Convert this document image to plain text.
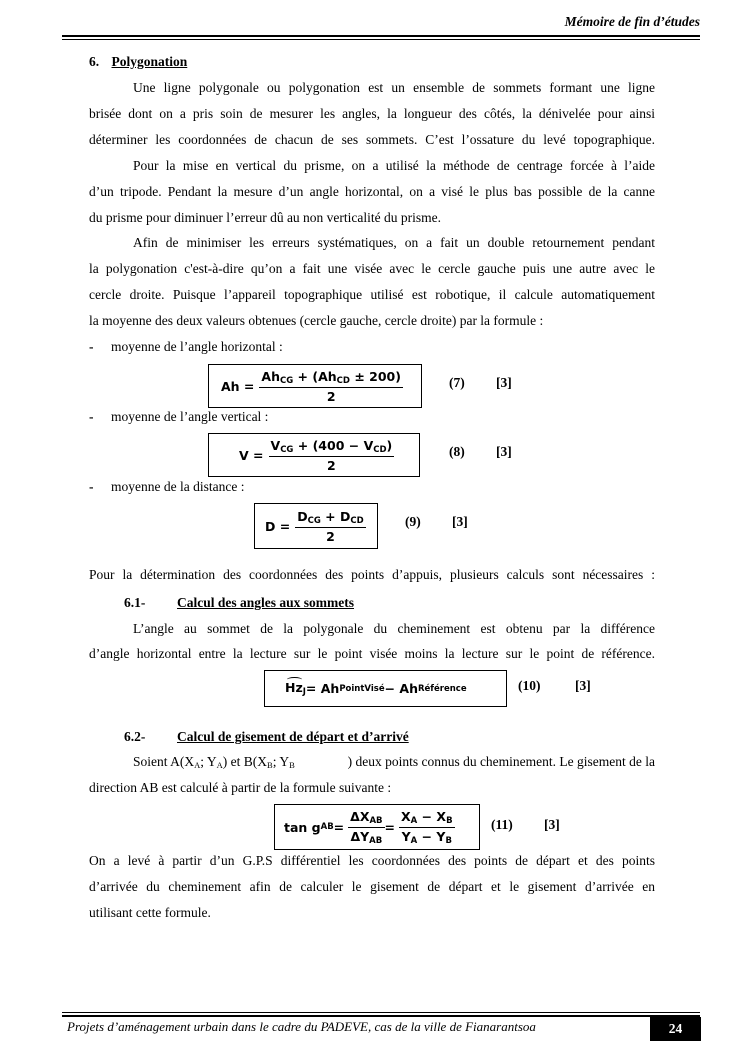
Mémoire de fin d’études
6. Polygonation
Une ligne polygonale ou polygonation est un ensemble de sommets formant une ligne
brisée dont on a pris soin de mesurer les angles, la longueur des côtés, la dénivelée pour ainsi
déterminer les coordonnées de chacun de ses sommets. C’est l’ossature du levé topographique.
Pour la mise en vertical du prisme, on a utilisé la méthode de centrage forcée à l’aide
d’un tripode. Pendant la mesure d’un angle horizontal, on a visé le plus bas possible de la canne
du prisme pour diminuer l’erreur dû au non verticalité du prisme.
Afin de minimiser les erreurs systématiques, on a fait un double retournement pendant
la polygonation c'est-à-dire qu’on a fait une visée avec le cercle gauche puis une autre avec le
cercle droite. Puisque l’appareil topographique utilisé est robotique, il calcule automatiquement
la moyenne des deux valeurs obtenues (cercle gauche, cercle droite) par la formule :
- moyenne de l’angle horizontal :
$Ah = \frac{Ah_{CG} + (Ah_{CD} \pm 200)}{2}$	(7) [3]
- moyenne de l’angle vertical :
$V = \frac{V_{CG} + (400 - V_{CD})}{2}$	(8) [3]
- moyenne de la distance :
$D = \frac{D_{CG} + D_{CD}}{2}$	(9) [3]
Pour la détermination des coordonnées des points d’appuis, plusieurs calculs sont nécessaires :
6.1- Calcul des angles aux sommets
L’angle au sommet de la polygonale du cheminement est obtenu par la différence
d’angle horizontal entre la lecture sur le point visée moins la lecture sur le point de référence.
$Hz_J = Ah$ PointVisé − Ah Référence	(10)	[3]
6.2- Calcul de gisement de départ et d’arrivé
Soient $A(X_A$; $Y_A$) et $B(X_B$; $Y_B$	) deux points connus du cheminement. Le gisement de la
direction AB est calculé à partir de la formule suivante :
tan g AB = $\frac{\Delta X_{AB}}{\Delta Y_{AB}} = \frac{X_A - X_B}{Y_A - Y_B}$	(11) [3]
On a levé à partir d’un G.P.S différentiel les coordonnées des points de départ et des points
d’arrivée du cheminement afin de calculer le gisement de départ et le gisement d’arrivée en
utilisant cette formule.
Projets d’aménagement urbain dans le cadre du PADEVE, cas de la ville de Fianarantsoa	24
